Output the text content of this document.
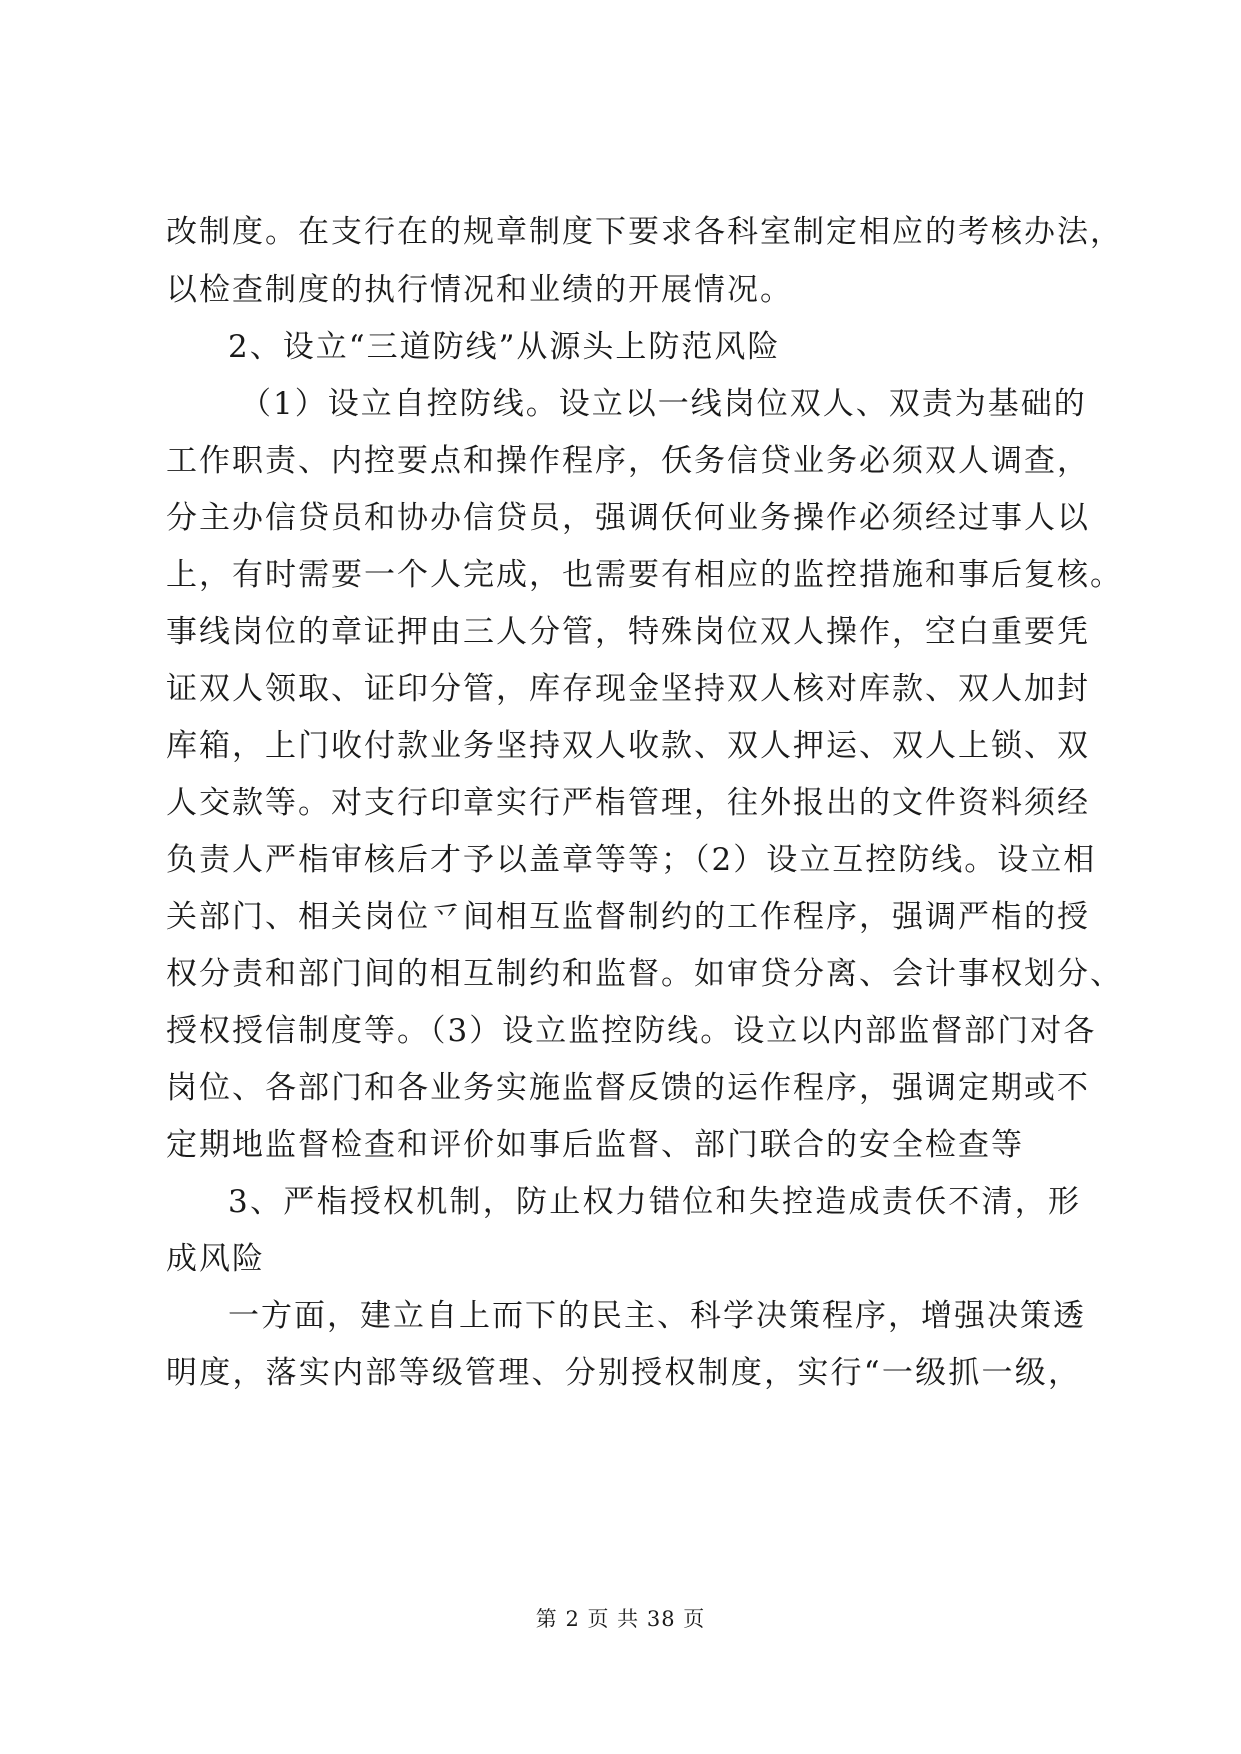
改制度。在支行在的规章制度下要求各科室制定相应的考核办法，
以检查制度的执行情况和业绩的开展情况。
2、设立“三道防线”从源头上防范风险
（1）设立自控防线。设立以一线岗位双人、双责为基础的
工作职责、内控要点和操作程序，仸务信贷业务必须双人调查，
分主办信贷员和协办信贷员，强调仸何业务操作必须经过事人以
上，有时需要一个人完成，也需要有相应的监控措施和事后复核。
事线岗位的章证押由三人分管，特殊岗位双人操作，空白重要凭
证双人领取、证印分管，库存现金坚持双人核对库款、双人加封
库箱，上门收付款业务坚持双人收款、双人押运、双人上锁、双
人交款等。对支行印章实行严栺管理，往外报出的文件资料须经
负责人严栺审核后才予以盖章等等；（2）设立互控防线。设立相
关部门、相关岗位乊间相互监督制约的工作程序，强调严栺的授
权分责和部门间的相互制约和监督。如审贷分离、会计事权划分、
授权授信制度等。（3）设立监控防线。设立以内部监督部门对各
岗位、各部门和各业务实施监督反馈的运作程序，强调定期或不
定期地监督检查和评价如事后监督、部门联合的安全检查等
3、严栺授权机制，防止权力错位和失控造成责仸不清，形
成风险
一方面，建立自上而下的民主、科学决策程序，增强决策透
明度，落实内部等级管理、分别授权制度，实行“一级抓一级，
第 2 页 共 38 页
